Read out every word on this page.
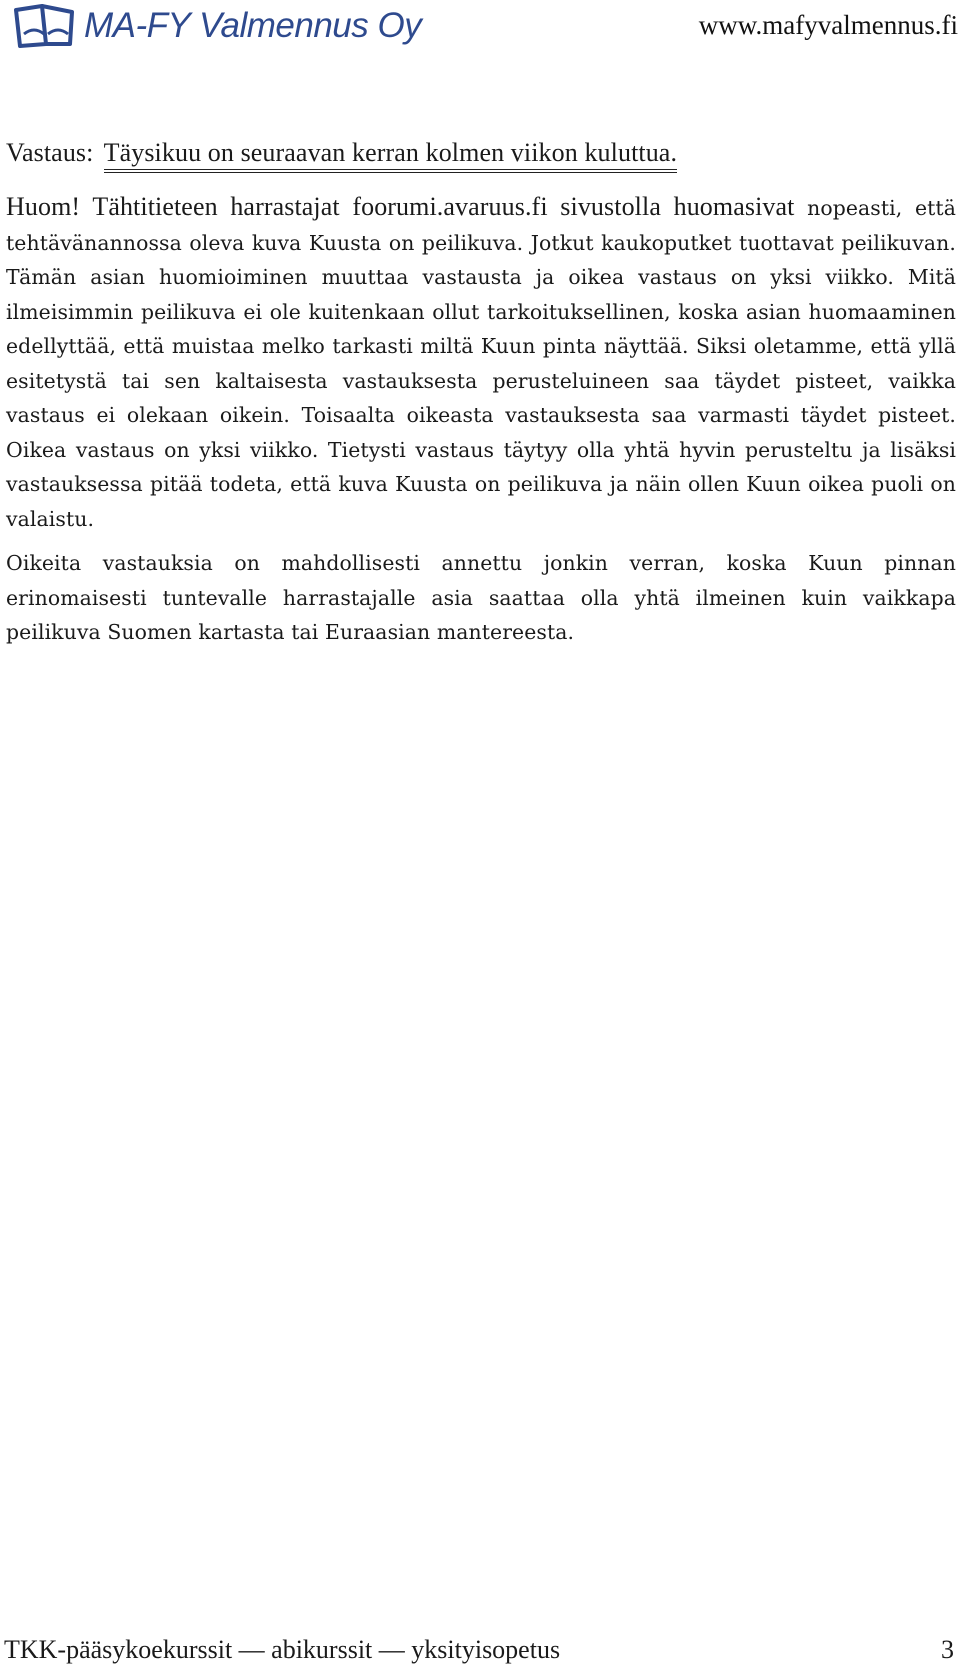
MA-FY Valmennus Oy	www.mafyvalmennus.fi
Vastaus: Täysikuu on seuraavan kerran kolmen viikon kuluttua.

Huom! Tähtitieteen harrastajat foorumi.avaruus.fi sivustolla huomasivat nopeasti, että tehtävänannossa oleva kuva Kuusta on peilikuva. Jotkut kaukoputket tuottavat peilikuvan. Tämän asian huomioiminen muuttaa vastausta ja oikea vastaus on yksi viikko. Mitä ilmeisimmin peilikuva ei ole kuitenkaan ollut tarkoituksellinen, koska asian huomaaminen edellyttää, että muistaa melko tarkasti miltä Kuun pinta näyttää. Siksi oletamme, että yllä esitetystä tai sen kaltaisesta vastauksesta perusteluineen saa täydet pisteet, vaikka vastaus ei olekaan oikein. Toisaalta oikeasta vastauksesta saa varmasti täydet pisteet. Oikea vastaus on yksi viikko. Tietysti vastaus täytyy olla yhtä hyvin perusteltu ja lisäksi vastauksessa pitää todeta, että kuva Kuusta on peilikuva ja näin ollen Kuun oikea puoli on valaistu.

Oikeita vastauksia on mahdollisesti annettu jonkin verran, koska Kuun pinnan erinomaisesti tuntevalle harrastajalle asia saattaa olla yhtä ilmeinen kuin vaikkapa peilikuva Suomen kartasta tai Euraasian mantereesta.

TKK-pääsykoekurssit — abikurssit — yksityisopetus	3
